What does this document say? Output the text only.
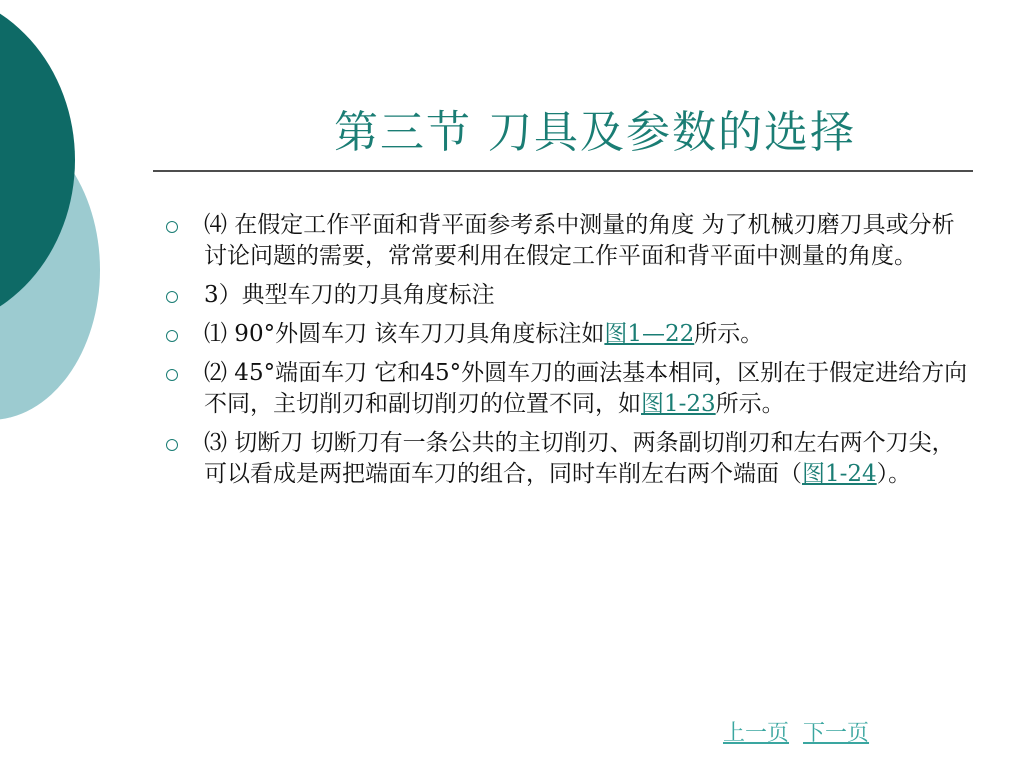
第三节 刀具及参数的选择
⑷ 在假定工作平面和背平面参考系中测量的角度 为了机械刃磨刀具或分析讨论问题的需要，常常要利用在假定工作平面和背平面中测量的角度。
3）典型车刀的刀具角度标注
⑴ 90°外圆车刀 该车刀刀具角度标注如图1—22所示。
⑵ 45°端面车刀 它和45°外圆车刀的画法基本相同，区别在于假定进给方向不同，主切削刃和副切削刃的位置不同，如图1-23所示。
⑶ 切断刀 切断刀有一条公共的主切削刃、两条副切削刃和左右两个刀尖，可以看成是两把端面车刀的组合，同时车削左右两个端面（图1-24）。
上一页 下一页
